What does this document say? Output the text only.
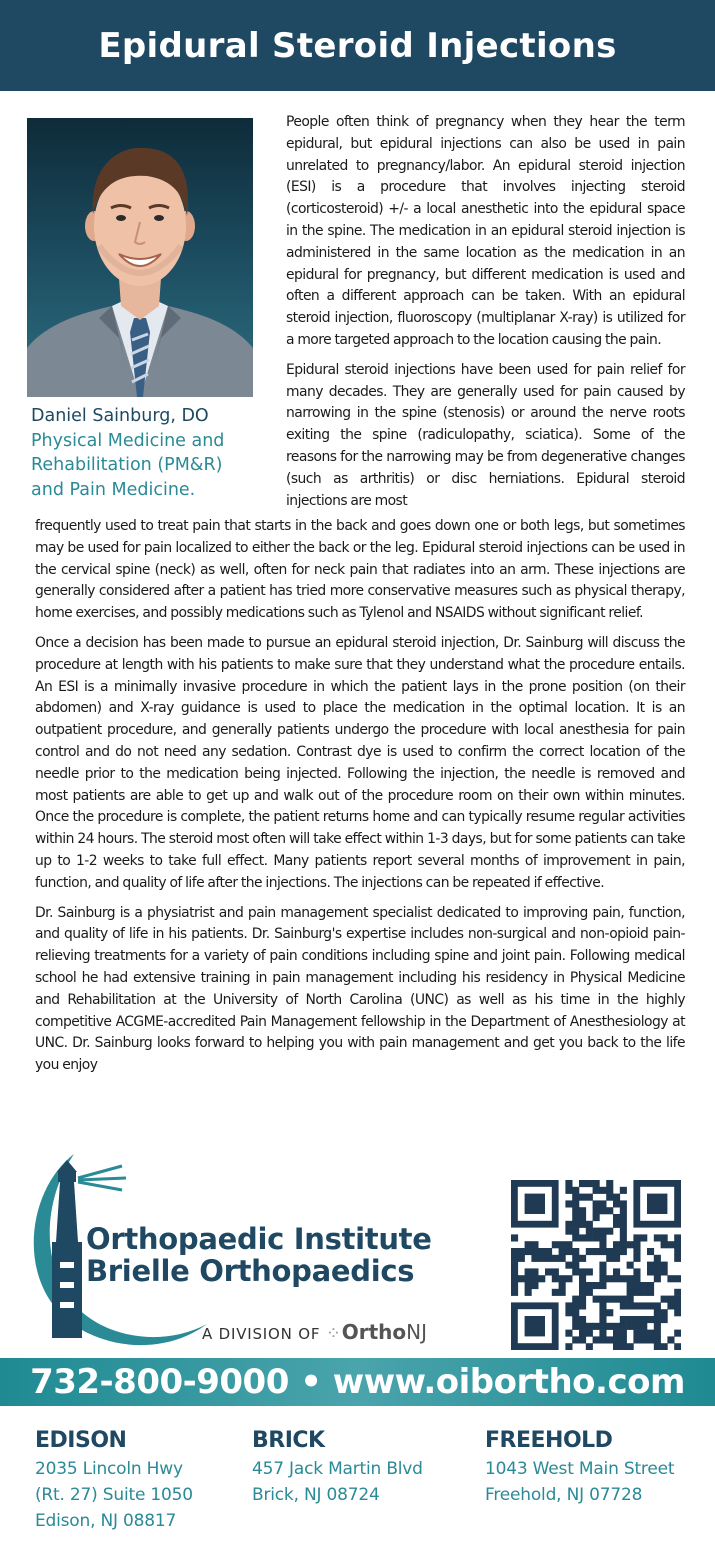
Epidural Steroid Injections
Daniel Sainburg, DO
Physical Medicine and
Rehabilitation (PM&R)
and Pain Medicine.

People often think of pregnancy when they hear the term epidural, but epidural injections can also be used in pain unrelated to pregnancy/labor. An epidural steroid injection (ESI) is a procedure that involves injecting steroid (corticosteroid) +/- a local anesthetic into the epidural space in the spine. The medication in an epidural steroid injection is administered in the same location as the medication in an epidural for pregnancy, but different medication is used and often a different approach can be taken. With an epidural steroid injection, fluoroscopy (multiplanar X-ray) is utilized for a more targeted approach to the location causing the pain.

Epidural steroid injections have been used for pain relief for many decades. They are generally used for pain caused by narrowing in the spine (stenosis) or around the nerve roots exiting the spine (radiculopathy, sciatica). Some of the reasons for the narrowing may be from degenerative changes (such as arthritis) or disc herniations. Epidural steroid injections are most

frequently used to treat pain that starts in the back and goes down one or both legs, but sometimes may be used for pain localized to either the back or the leg. Epidural steroid injections can be used in the cervical spine (neck) as well, often for neck pain that radiates into an arm. These injections are generally considered after a patient has tried more conservative measures such as physical therapy, home exercises, and possibly medications such as Tylenol and NSAIDS without significant relief.

Once a decision has been made to pursue an epidural steroid injection, Dr. Sainburg will discuss the procedure at length with his patients to make sure that they understand what the procedure entails. An ESI is a minimally invasive procedure in which the patient lays in the prone position (on their abdomen) and X-ray guidance is used to place the medication in the optimal location. It is an outpatient procedure, and generally patients undergo the procedure with local anesthesia for pain control and do not need any sedation. Contrast dye is used to confirm the correct location of the needle prior to the medication being injected. Following the injection, the needle is removed and most patients are able to get up and walk out of the procedure room on their own within minutes. Once the procedure is complete, the patient returns home and can typically resume regular activities within 24 hours. The steroid most often will take effect within 1-3 days, but for some patients can take up to 1-2 weeks to take full effect. Many patients report several months of improvement in pain, function, and quality of life after the injections. The injections can be repeated if effective.

Dr. Sainburg is a physiatrist and pain management specialist dedicated to improving pain, function, and quality of life in his patients. Dr. Sainburg's expertise includes non-surgical and non-opioid pain-relieving treatments for a variety of pain conditions including spine and joint pain. Following medical school he had extensive training in pain management including his residency in Physical Medicine and Rehabilitation at the University of North Carolina (UNC) as well as his time in the highly competitive ACGME-accredited Pain Management fellowship in the Department of Anesthesiology at UNC. Dr. Sainburg looks forward to helping you with pain management and get you back to the life you enjoy

Orthopaedic Institute
Brielle Orthopaedics
A DIVISION OF ⁘OrthoNJ
732-800-9000 • www.oibortho.com
EDISON
2035 Lincoln Hwy
(Rt. 27) Suite 1050
Edison, NJ 08817
BRICK
457 Jack Martin Blvd
Brick, NJ 08724
FREEHOLD
1043 West Main Street
Freehold, NJ 07728
